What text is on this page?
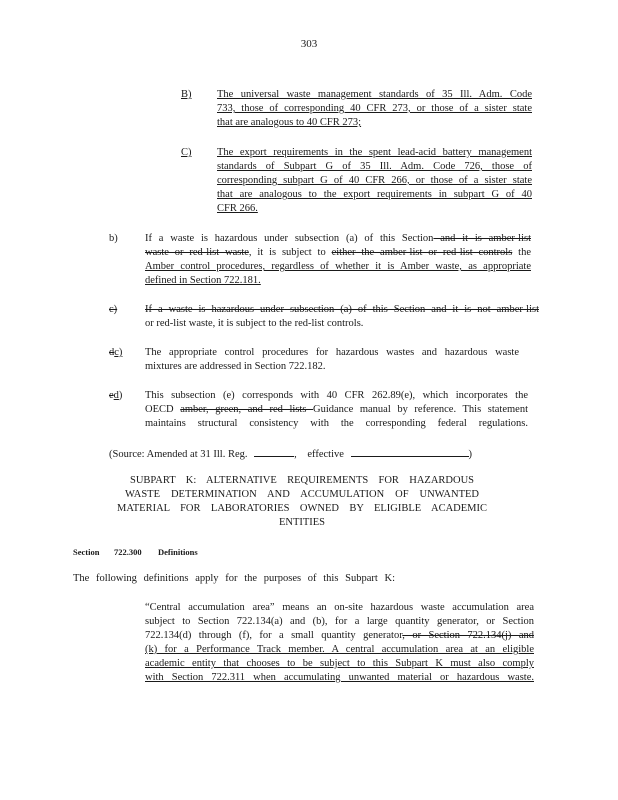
303
B) The universal waste management standards of 35 Ill. Adm. Code
733, those of corresponding 40 CFR 273, or those of a sister state
that are analogous to 40 CFR 273;
C) The export requirements in the spent lead-acid battery management
standards of Subpart G of 35 Ill. Adm. Code 726, those of
corresponding subpart G of 40 CFR 266, or those of a sister state
that are analogous to the export requirements in subpart G of 40
CFR 266.
b)	If a waste is hazardous under subsection (a) of this Section and it is amber-list
waste or red-list waste, it is subject to either the amber-list or red-list controls the
Amber control procedures, regardless of whether it is Amber waste, as appropriate
defined in Section 722.181.
c)	If a waste is hazardous under subsection (a) of this Section and it is not amber-list
or red-list waste, it is subject to the red-list controls.
dc) The appropriate control procedures for hazardous wastes and hazardous waste
mixtures are addressed in Section 722.182.
ed) This subsection (e) corresponds with 40 CFR 262.89(e), which incorporates the
OECD amber, green, and red lists Guidance manual by reference. This statement
maintains structural consistency with the corresponding federal regulations.
(Source: Amended at 31 Ill. Reg.	, effective	)
SUBPART K: ALTERNATIVE REQUIREMENTS FOR HAZARDOUS
WASTE DETERMINATION AND ACCUMULATION OF UNWANTED
MATERIAL FOR LABORATORIES OWNED BY ELIGIBLE ACADEMIC
ENTITIES
Section 722.300 Definitions
The following definitions apply for the purposes of this Subpart K:
“Central accumulation area” means an on-site hazardous waste accumulation area
subject to Section 722.134(a) and (b), for a large quantity generator, or Section
722.134(d) through (f), for a small quantity generator, or Section 722.134(j) and
(k) for a Performance Track member. A central accumulation area at an eligible
academic entity that chooses to be subject to this Subpart K must also comply
with Section 722.311 when accumulating unwanted material or hazardous waste.
